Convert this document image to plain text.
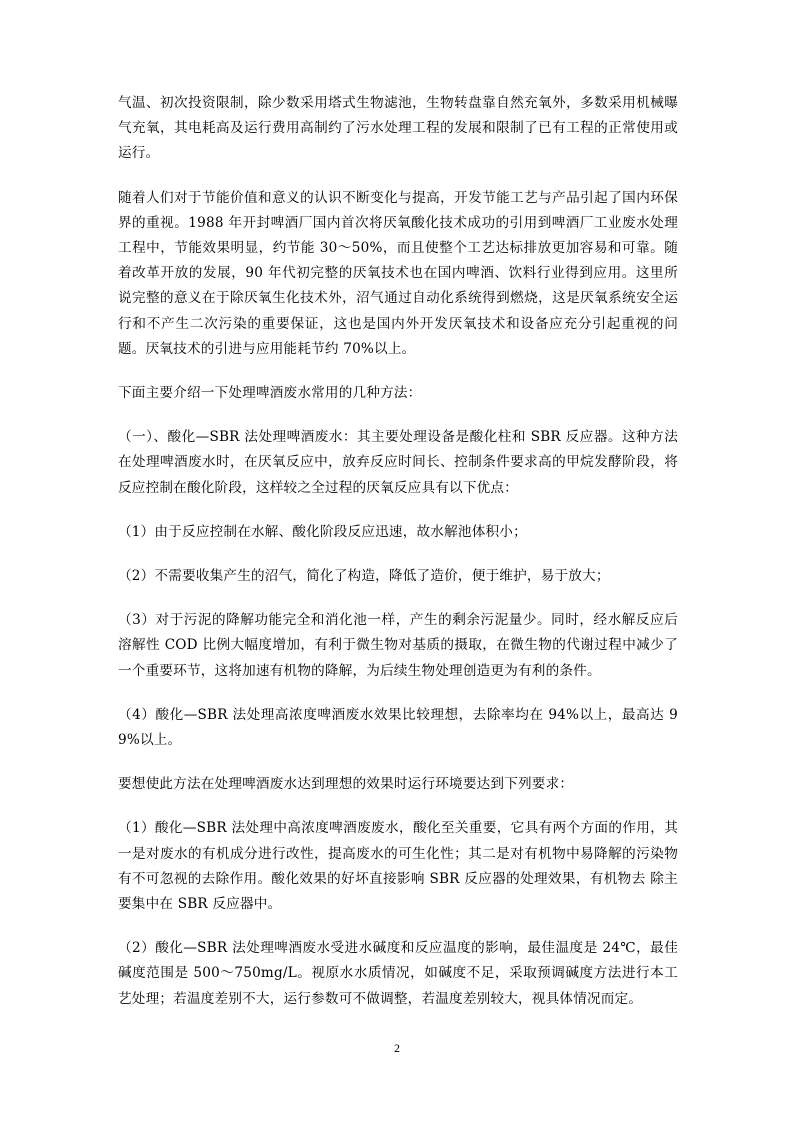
气温、初次投资限制，除少数采用塔式生物滤池，生物转盘靠自然充氧外，多数采用机械曝气充氧，其电耗高及运行费用高制约了污水处理工程的发展和限制了已有工程的正常使用或运行。

随着人们对于节能价值和意义的认识不断变化与提高，开发节能工艺与产品引起了国内环保界的重视。1988 年开封啤酒厂国内首次将厌氧酸化技术成功的引用到啤酒厂工业废水处理工程中，节能效果明显，约节能 30～50%，而且使整个工艺达标排放更加容易和可靠。随着改革开放的发展，90 年代初完整的厌氧技术也在国内啤酒、饮料行业得到应用。这里所说完整的意义在于除厌氧生化技术外，沼气通过自动化系统得到燃烧，这是厌氧系统安全运行和不产生二次污染的重要保证，这也是国内外开发厌氧技术和设备应充分引起重视的问题。厌氧技术的引进与应用能耗节约 70%以上。

下面主要介绍一下处理啤酒废水常用的几种方法：

（一）、酸化—SBR 法处理啤酒废水：其主要处理设备是酸化柱和 SBR 反应器。这种方法在处理啤酒废水时，在厌氧反应中，放弃反应时间长、控制条件要求高的甲烷发酵阶段，将反应控制在酸化阶段，这样较之全过程的厌氧反应具有以下优点：

（1）由于反应控制在水解、酸化阶段反应迅速，故水解池体积小；

（2）不需要收集产生的沼气，简化了构造，降低了造价，便于维护，易于放大；

（3）对于污泥的降解功能完全和消化池一样，产生的剩余污泥量少。同时，经水解反应后溶解性 COD 比例大幅度增加，有利于微生物对基质的摄取，在微生物的代谢过程中减少了一个重要环节，这将加速有机物的降解，为后续生物处理创造更为有利的条件。

（4）酸化—SBR 法处理高浓度啤酒废水效果比较理想，去除率均在 94%以上，最高达 99%以上。

要想使此方法在处理啤酒废水达到理想的效果时运行环境要达到下列要求：

（1）酸化—SBR 法处理中高浓度啤酒废废水，酸化至关重要，它具有两个方面的作用，其一是对废水的有机成分进行改性，提高废水的可生化性；其二是对有机物中易降解的污染物有不可忽视的去除作用。酸化效果的好坏直接影响 SBR 反应器的处理效果，有机物去 除主要集中在 SBR 反应器中。

（2）酸化—SBR 法处理啤酒废水受进水碱度和反应温度的影响，最佳温度是 24℃，最佳碱度范围是 500～750mg/L。视原水水质情况，如碱度不足，采取预调碱度方法进行本工艺处理；若温度差别不大，运行参数可不做调整，若温度差别较大，视具体情况而定。

2
